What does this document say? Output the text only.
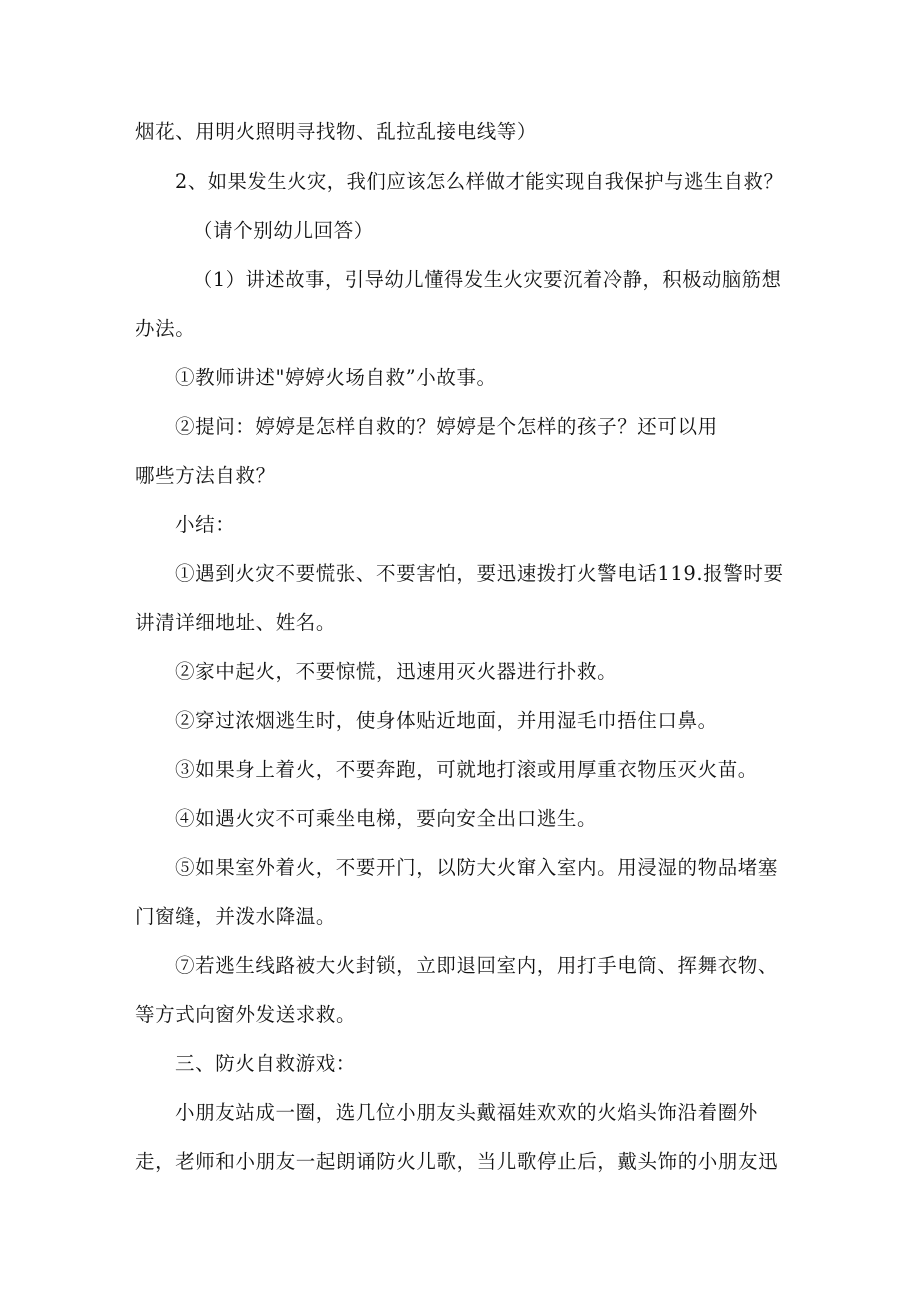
烟花、用明火照明寻找物、乱拉乱接电线等）
2、如果发生火灾，我们应该怎么样做才能实现自我保护与逃生自救？
（请个别幼儿回答）
（1）讲述故事，引导幼儿懂得发生火灾要沉着冷静，积极动脑筋想
办法。
①教师讲述"婷婷火场自救”小故事。
②提问：婷婷是怎样自救的？婷婷是个怎样的孩子？还可以用
哪些方法自救？
小结：
①遇到火灾不要慌张、不要害怕，要迅速拨打火警电话119.报警时要
讲清详细地址、姓名。
②家中起火，不要惊慌，迅速用灭火器进行扑救。
②穿过浓烟逃生时，使身体贴近地面，并用湿毛巾捂住口鼻。
③如果身上着火，不要奔跑，可就地打滚或用厚重衣物压灭火苗。
④如遇火灾不可乘坐电梯，要向安全出口逃生。
⑤如果室外着火，不要开门，以防大火窜入室内。用浸湿的物品堵塞
门窗缝，并泼水降温。
⑦若逃生线路被大火封锁，立即退回室内，用打手电筒、挥舞衣物、
等方式向窗外发送求救。
三、防火自救游戏：
小朋友站成一圈，选几位小朋友头戴福娃欢欢的火焰头饰沿着圈外
走，老师和小朋友一起朗诵防火儿歌，当儿歌停止后，戴头饰的小朋友迅
